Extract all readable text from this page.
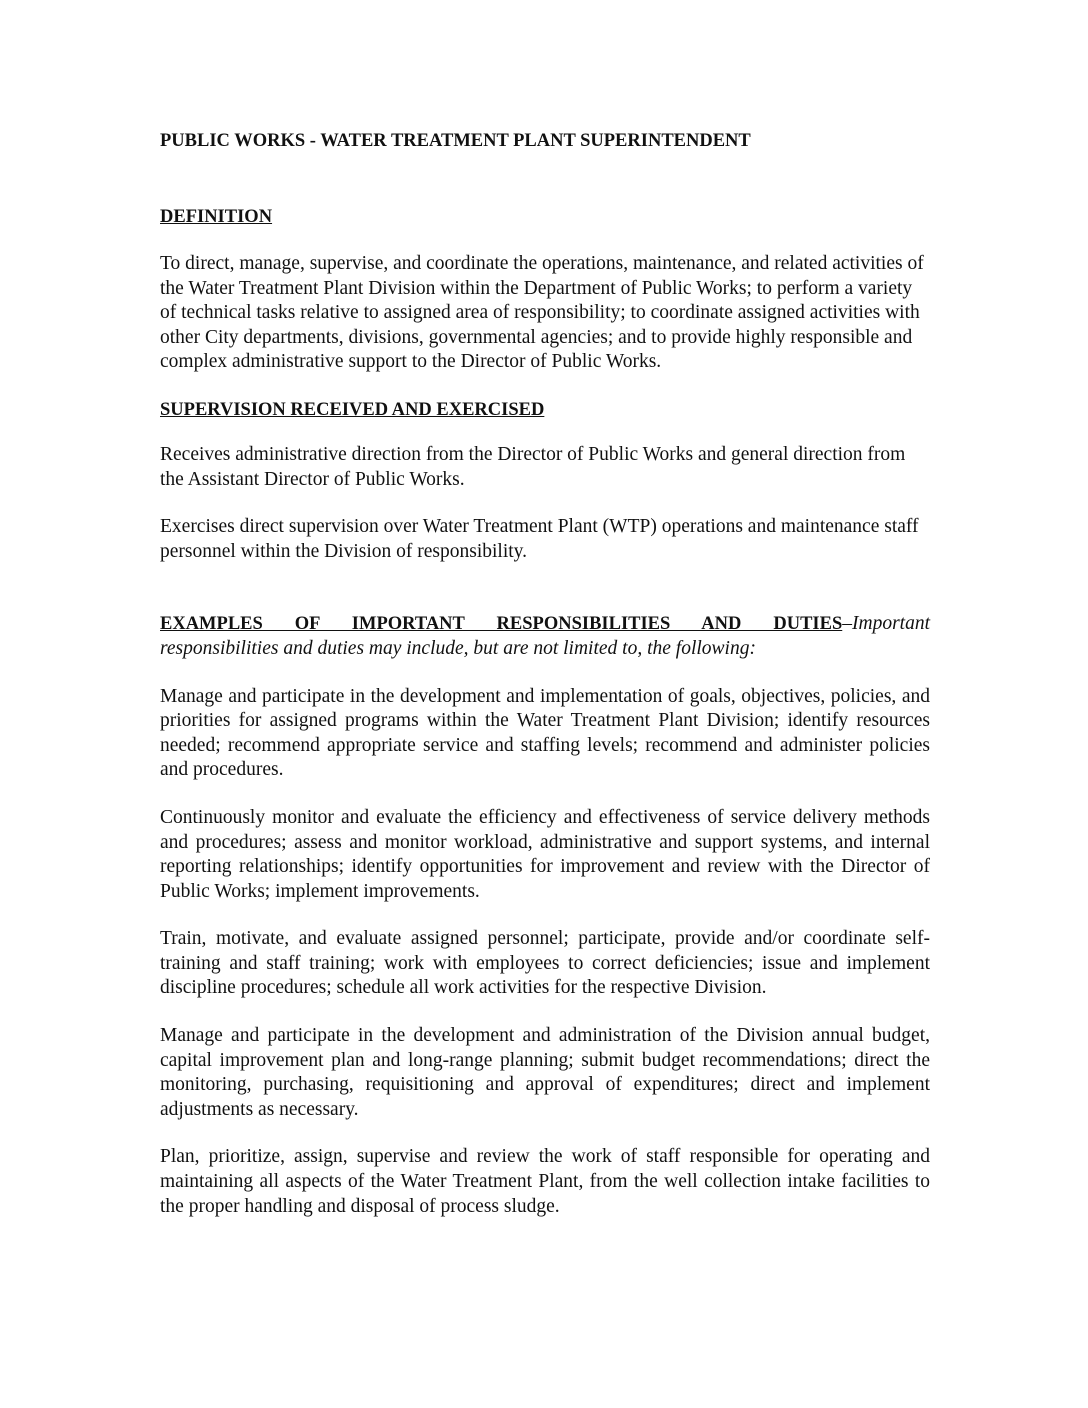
PUBLIC WORKS - WATER TREATMENT PLANT SUPERINTENDENT

DEFINITION

To direct, manage, supervise, and coordinate the operations, maintenance, and related activities of the Water Treatment Plant Division within the Department of Public Works; to perform a variety of technical tasks relative to assigned area of responsibility; to coordinate assigned activities with other City departments, divisions, governmental agencies; and to provide highly responsible and complex administrative support to the Director of Public Works.

SUPERVISION RECEIVED AND EXERCISED

Receives administrative direction from the Director of Public Works and general direction from the Assistant Director of Public Works.

Exercises direct supervision over Water Treatment Plant (WTP) operations and maintenance staff personnel within the Division of responsibility.

EXAMPLES OF IMPORTANT RESPONSIBILITIES AND DUTIES–Important responsibilities and duties may include, but are not limited to, the following:

Manage and participate in the development and implementation of goals, objectives, policies, and priorities for assigned programs within the Water Treatment Plant Division; identify resources needed; recommend appropriate service and staffing levels; recommend and administer policies and procedures.

Continuously monitor and evaluate the efficiency and effectiveness of service delivery methods and procedures; assess and monitor workload, administrative and support systems, and internal reporting relationships; identify opportunities for improvement and review with the Director of Public Works; implement improvements.

Train, motivate, and evaluate assigned personnel; participate, provide and/or coordinate self-training and staff training; work with employees to correct deficiencies; issue and implement discipline procedures; schedule all work activities for the respective Division.

Manage and participate in the development and administration of the Division annual budget, capital improvement plan and long-range planning; submit budget recommendations; direct the monitoring, purchasing, requisitioning and approval of expenditures; direct and implement adjustments as necessary.

Plan, prioritize, assign, supervise and review the work of staff responsible for operating and maintaining all aspects of the Water Treatment Plant, from the well collection intake facilities to the proper handling and disposal of process sludge.
